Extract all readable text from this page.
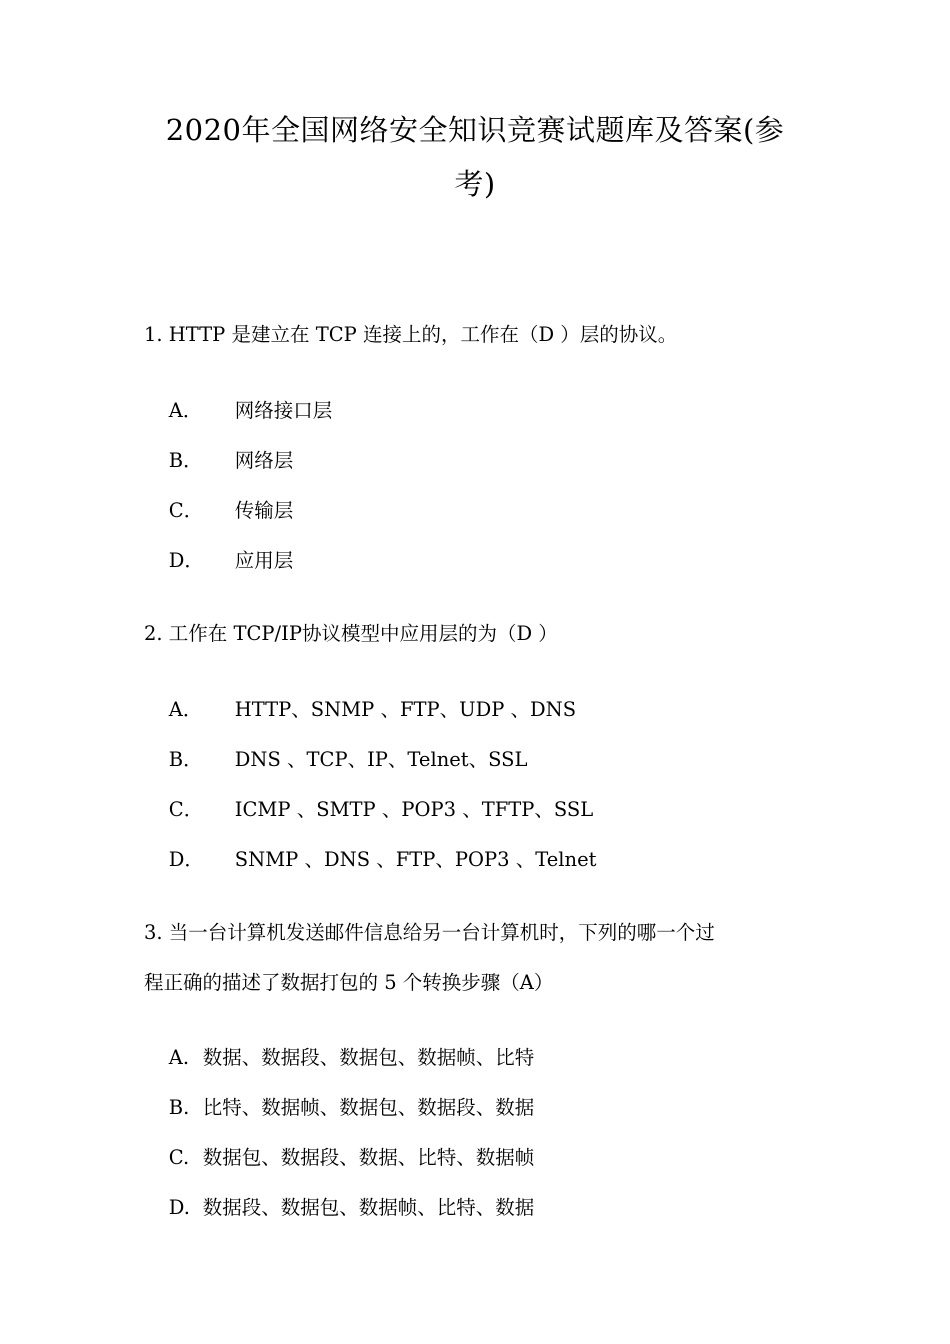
2020年全国网络安全知识竞赛试题库及答案(参
考)
1. HTTP 是建立在 TCP 连接上的，工作在（D ）层的协议。

A． 网络接口层

B． 网络层

C． 传输层

D． 应用层

2. 工作在 TCP/IP协议模型中应用层的为（D ）

A． HTTP、SNMP 、FTP、UDP 、DNS

B． DNS 、TCP、IP、Telnet、SSL

C． ICMP 、SMTP 、POP3 、TFTP、SSL

D． SNMP 、DNS 、FTP、POP3 、Telnet

3. 当一台计算机发送邮件信息给另一台计算机时，下列的哪一个过
程正确的描述了数据打包的 5 个转换步骤（A）

A. 数据、数据段、数据包、数据帧、比特

B. 比特、数据帧、数据包、数据段、数据

C. 数据包、数据段、数据、比特、数据帧

D. 数据段、数据包、数据帧、比特、数据
